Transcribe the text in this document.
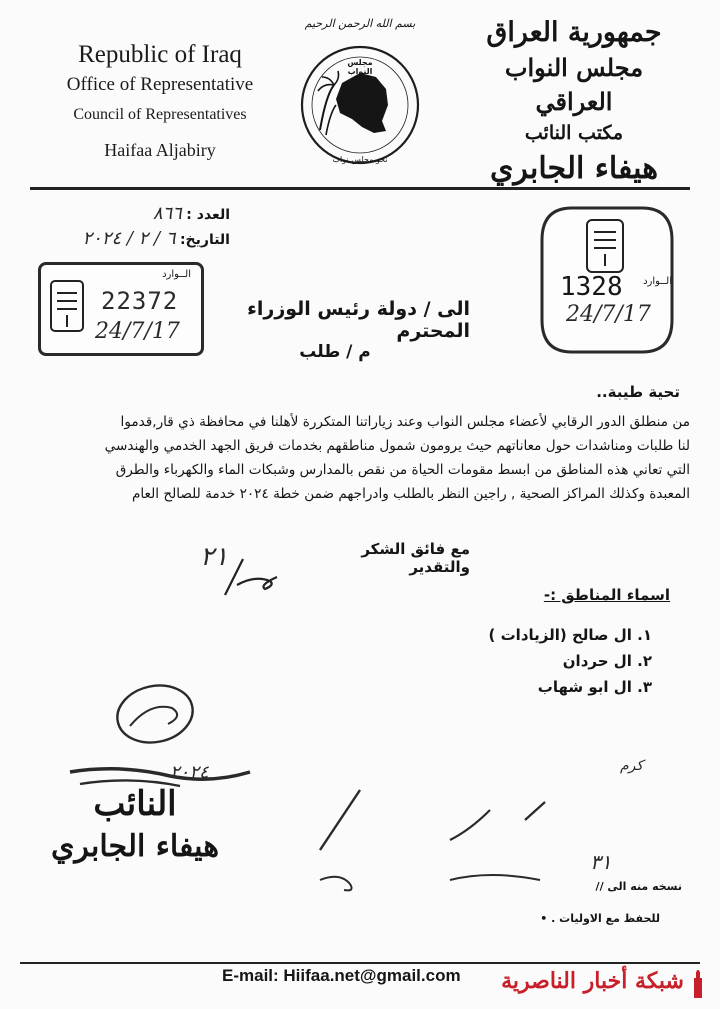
Republic of Iraq
Office of Representative
Council of Representatives
Haifaa Aljabiry
بسم الله الرحمن الرحيم
مجلس النواب
نحو مجلس نواب
جمهورية العراق
مجلس النواب العراقي
مكتب النائب
هيفاء الجابري
العدد : ٨٦٦
التاريخ: ٦ / ٢ / ٢٠٢٤
الــوارد
22372
24/7/17
الــوارد
1328
24/7/17
الى / دولة رئيس الوزراء المحترم
م / طلب
تحية طيبة..
من منطلق الدور الرقابي لأعضاء مجلس النواب وعند زياراتنا المتكررة لأهلنا في محافظة ذي قار,قدموا
لنا طلبات ومناشدات حول معاناتهم حيث يرومون شمول مناطقهم بخدمات فريق الجهد الخدمي والهندسي
التي تعاني هذه المناطق من ابسط مقومات الحياة من نقص بالمدارس وشبكات الماء والكهرباء والطرق
المعبدة وكذلك المراكز الصحية , راجين النظر بالطلب وادراجهم ضمن خطة ٢٠٢٤ خدمة للصالح العام
مع فائق الشكر والتقدير
٢١
اسماء المناطق :-
١. ال صالح (الزيادات )
٢. ال حردان
٣. ال ابو شهاب
٢٠٢٤	كرم
٣١
النائب
هيفاء الجابري
نسخه منه الى //
للحفظ مع الاوليات . •
E-mail: Hiifaa.net@gmail.com شبكة أخبار الناصرية
